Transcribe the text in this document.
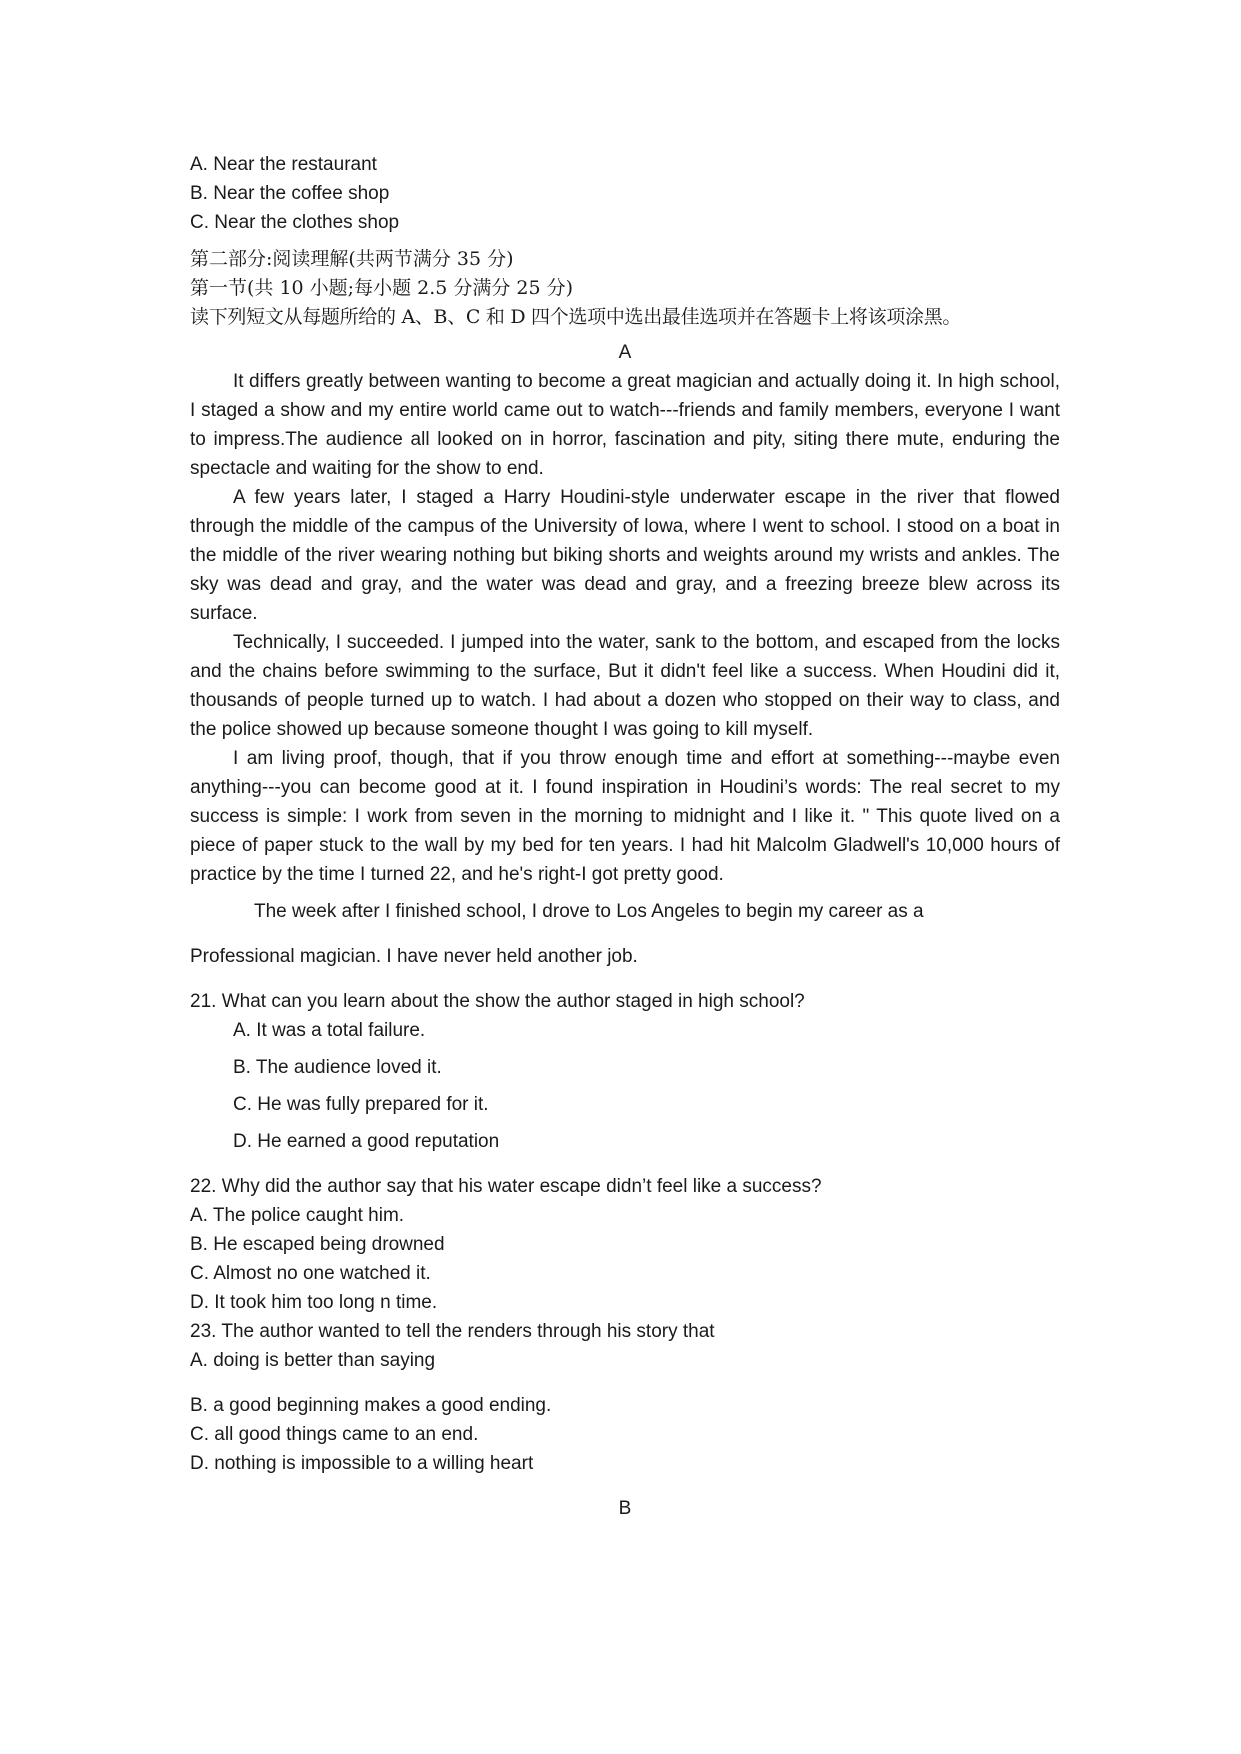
A. Near the restaurant
B. Near the coffee shop
C. Near the clothes shop
第二部分:阅读理解(共两节满分 35 分)
第一节(共 10 小题;每小题 2.5 分满分 25 分)
读下列短文从每题所给的 A、B、C 和 D 四个选项中选出最佳选项并在答题卡上将该项涂黑。
A

It differs greatly between wanting to become a great magician and actually doing it. In high school, I staged a show and my entire world came out to watch---friends and family members, everyone I want to impress.The audience all looked on in horror, fascination and pity, siting there mute, enduring the spectacle and waiting for the show to end.

A few years later, I staged a Harry Houdini-style underwater escape in the river that flowed through the middle of the campus of the University of lowa, where I went to school. I stood on a boat in the middle of the river wearing nothing but biking shorts and weights around my wrists and ankles. The sky was dead and gray, and the water was dead and gray, and a freezing breeze blew across its surface.

Technically, I succeeded. I jumped into the water, sank to the bottom, and escaped from the locks and the chains before swimming to the surface, But it didn't feel like a success. When Houdini did it, thousands of people turned up to watch. I had about a dozen who stopped on their way to class, and the police showed up because someone thought I was going to kill myself.

I am living proof, though, that if you throw enough time and effort at something---maybe even anything---you can become good at it. I found inspiration in Houdini’s words: The real secret to my success is simple: I work from seven in the morning to midnight and I like it. " This quote lived on a piece of paper stuck to the wall by my bed for ten years. I had hit Malcolm Gladwell's 10,000 hours of practice by the time I turned 22, and he's right-I got pretty good.

The week after I finished school, I drove to Los Angeles to begin my career as a
Professional magician. I have never held another job.
21. What can you learn about the show the author staged in high school?
A. It was a total failure.
B. The audience loved it.
C. He was fully prepared for it.
D. He earned a good reputation
22. Why did the author say that his water escape didn’t feel like a success?
A. The police caught him.
B. He escaped being drowned
C. Almost no one watched it.
D. It took him too long n time.
23. The author wanted to tell the renders through his story that
A. doing is better than saying
B. a good beginning makes a good ending.
C. all good things came to an end.
D. nothing is impossible to a willing heart
B
